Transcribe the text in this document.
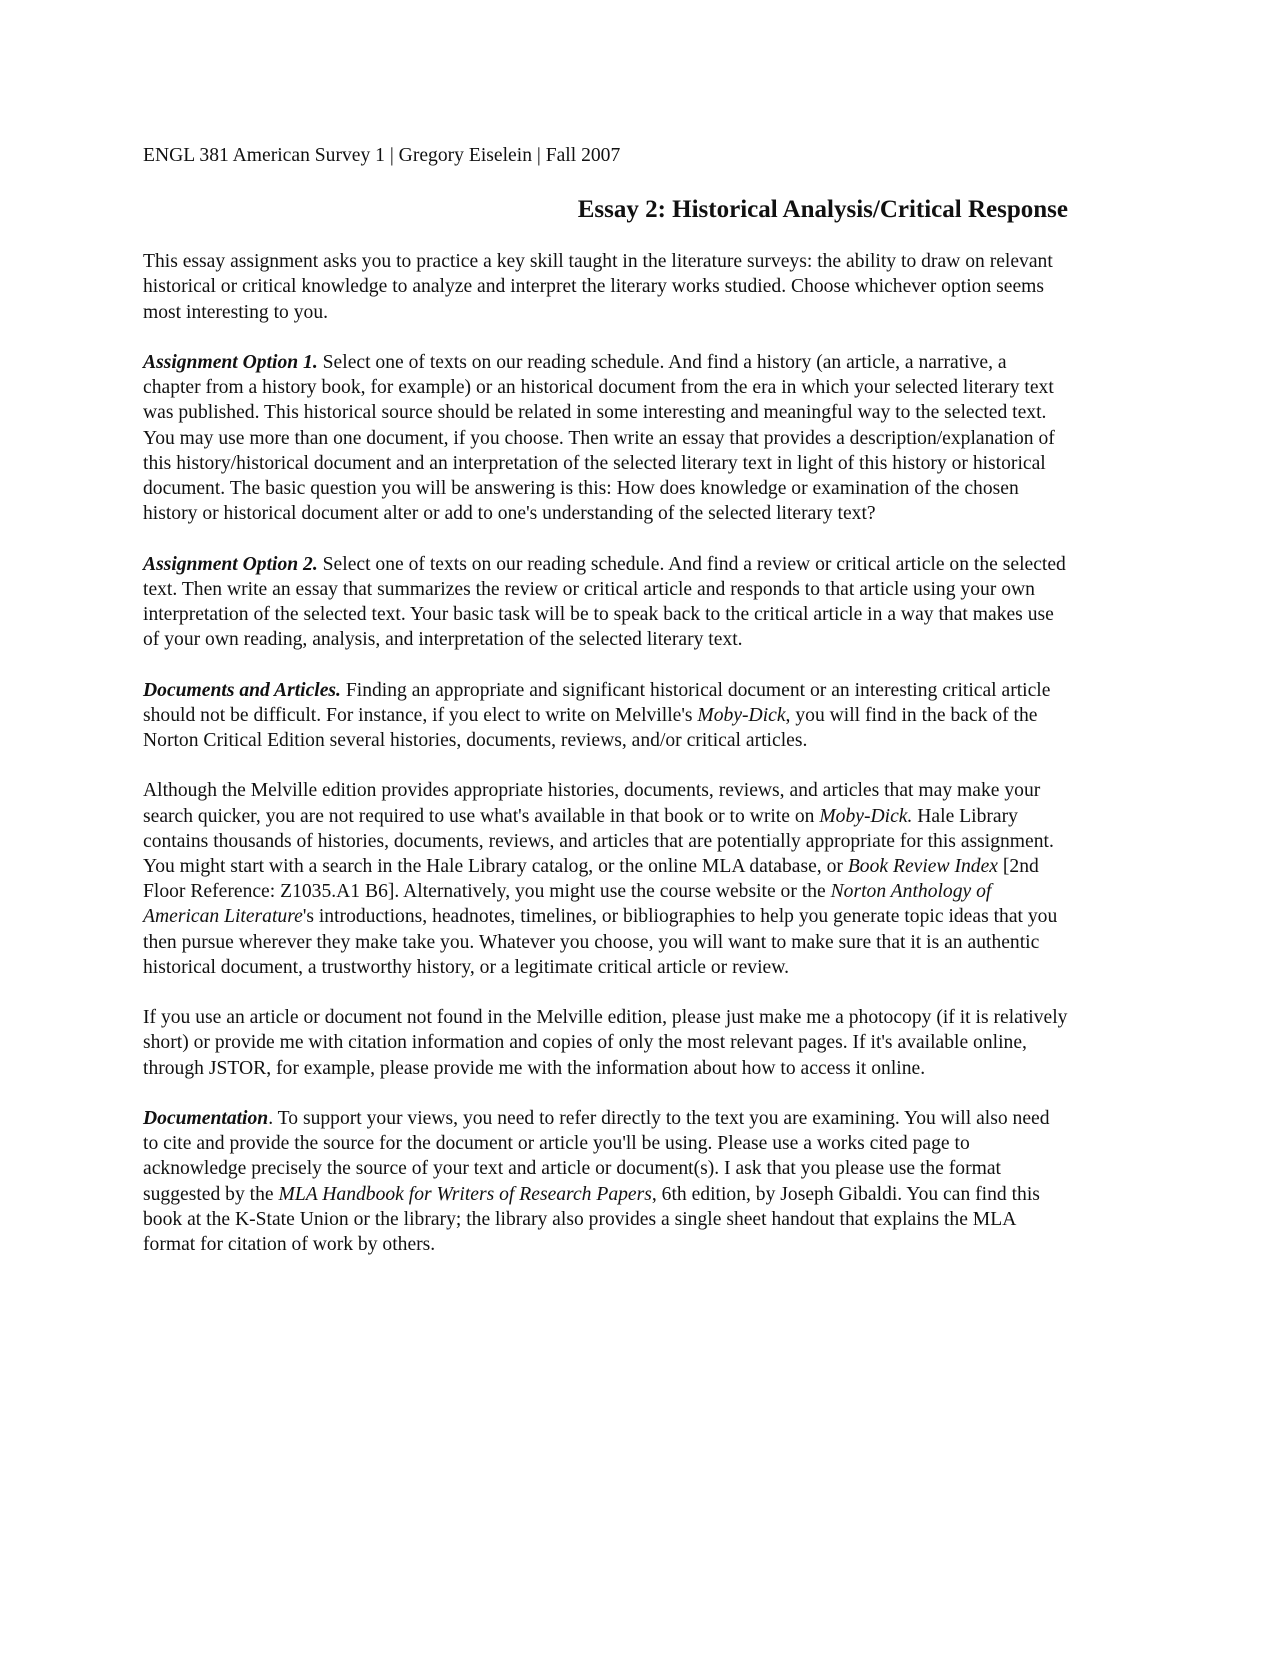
ENGL 381 American Survey 1 | Gregory Eiselein | Fall 2007
Essay 2: Historical Analysis/Critical Response

This essay assignment asks you to practice a key skill taught in the literature surveys: the ability to draw on relevant historical or critical knowledge to analyze and interpret the literary works studied. Choose whichever option seems most interesting to you.

Assignment Option 1. Select one of texts on our reading schedule. And find a history (an article, a narrative, a chapter from a history book, for example) or an historical document from the era in which your selected literary text was published. This historical source should be related in some interesting and meaningful way to the selected text. You may use more than one document, if you choose. Then write an essay that provides a description/explanation of this history/historical document and an interpretation of the selected literary text in light of this history or historical document. The basic question you will be answering is this: How does knowledge or examination of the chosen history or historical document alter or add to one's understanding of the selected literary text?

Assignment Option 2. Select one of texts on our reading schedule. And find a review or critical article on the selected text. Then write an essay that summarizes the review or critical article and responds to that article using your own interpretation of the selected text. Your basic task will be to speak back to the critical article in a way that makes use of your own reading, analysis, and interpretation of the selected literary text.

Documents and Articles. Finding an appropriate and significant historical document or an interesting critical article should not be difficult. For instance, if you elect to write on Melville's Moby-Dick, you will find in the back of the Norton Critical Edition several histories, documents, reviews, and/or critical articles.

Although the Melville edition provides appropriate histories, documents, reviews, and articles that may make your search quicker, you are not required to use what's available in that book or to write on Moby-Dick. Hale Library contains thousands of histories, documents, reviews, and articles that are potentially appropriate for this assignment. You might start with a search in the Hale Library catalog, or the online MLA database, or Book Review Index [2nd Floor Reference: Z1035.A1 B6]. Alternatively, you might use the course website or the Norton Anthology of American Literature's introductions, headnotes, timelines, or bibliographies to help you generate topic ideas that you then pursue wherever they make take you. Whatever you choose, you will want to make sure that it is an authentic historical document, a trustworthy history, or a legitimate critical article or review.

If you use an article or document not found in the Melville edition, please just make me a photocopy (if it is relatively short) or provide me with citation information and copies of only the most relevant pages. If it's available online, through JSTOR, for example, please provide me with the information about how to access it online.

Documentation. To support your views, you need to refer directly to the text you are examining. You will also need to cite and provide the source for the document or article you'll be using. Please use a works cited page to acknowledge precisely the source of your text and article or document(s). I ask that you please use the format suggested by the MLA Handbook for Writers of Research Papers, 6th edition, by Joseph Gibaldi. You can find this book at the K-State Union or the library; the library also provides a single sheet handout that explains the MLA format for citation of work by others.
